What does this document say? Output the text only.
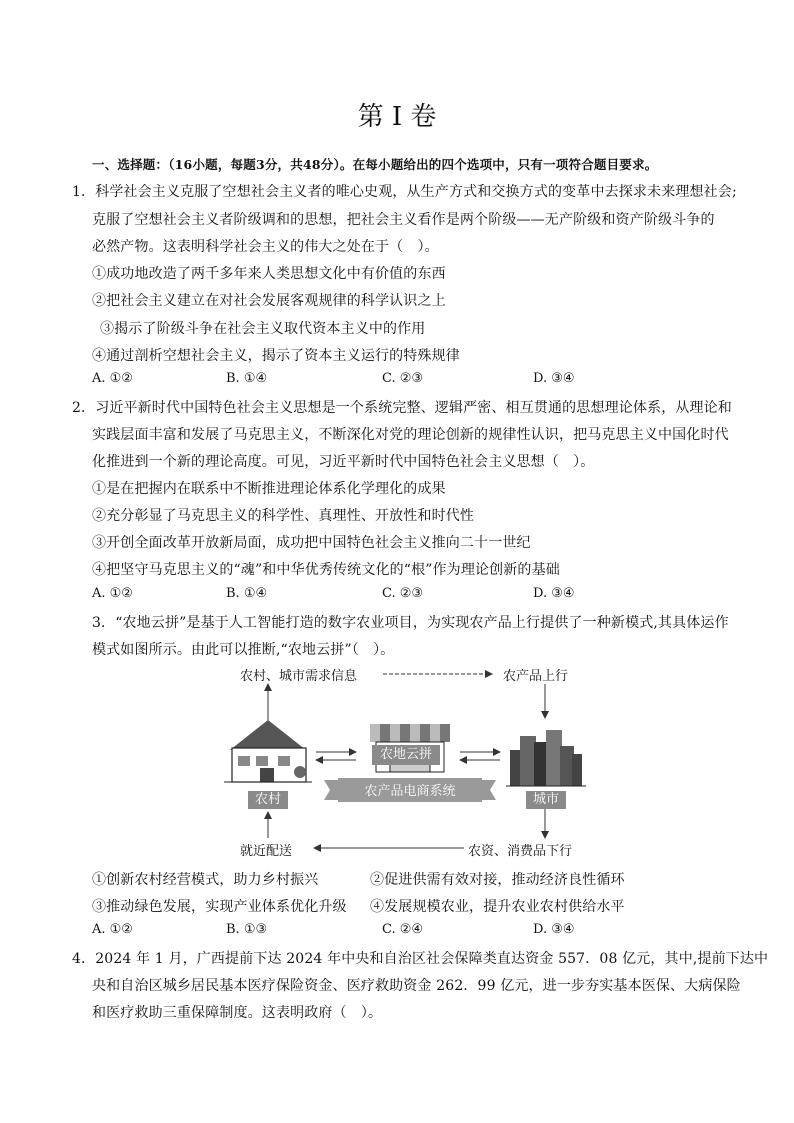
第 I 卷
一、选择题：（16小题，每题3分，共48分）。在每小题给出的四个选项中，只有一项符合题目要求。
1．科学社会主义克服了空想社会主义者的唯心史观，从生产方式和交换方式的变革中去探求未来理想社会;
克服了空想社会主义者阶级调和的思想，把社会主义看作是两个阶级——无产阶级和资产阶级斗争的
必然产物。这表明科学社会主义的伟大之处在于（　）。
①成功地改造了两千多年来人类思想文化中有价值的东西
②把社会主义建立在对社会发展客观规律的科学认识之上
③揭示了阶级斗争在社会主义取代资本主义中的作用
④通过剖析空想社会主义，揭示了资本主义运行的特殊规律
A. ①②	B. ①④	C. ②③	D. ③④
2．习近平新时代中国特色社会主义思想是一个系统完整、逻辑严密、相互贯通的思想理论体系，从理论和
实践层面丰富和发展了马克思主义，不断深化对党的理论创新的规律性认识，把马克思主义中国化时代
化推进到一个新的理论高度。可见，习近平新时代中国特色社会主义思想（　）。
①是在把握内在联系中不断推进理论体系化学理化的成果
②充分彰显了马克思主义的科学性、真理性、开放性和时代性
③开创全面改革开放新局面，成功把中国特色社会主义推向二十一世纪
④把坚守马克思主义的“魂”和中华优秀传统文化的“根”作为理论创新的基础
A. ①②	B. ①④	C. ②③	D. ③④
3．“农地云拼”是基于人工智能打造的数字农业项目，为实现农产品上行提供了一种新模式,其具体运作
模式如图所示。由此可以推断,“农地云拼”（　）。
农村、城市需求信息	农产品上行
农地云拼
农产品电商系统
农村	城市
就近配送	农资、消费品下行
①创新农村经营模式，助力乡村振兴	②促进供需有效对接，推动经济良性循环
③推动绿色发展，实现产业体系优化升级 ④发展规模农业，提升农业农村供给水平
A. ①②	B. ①③	C. ②④	D. ③④
4．2024 年 1 月，广西提前下达 2024 年中央和自治区社会保障类直达资金 557．08 亿元，其中,提前下达中
央和自治区城乡居民基本医疗保险资金、医疗救助资金 262．99 亿元，进一步夯实基本医保、大病保险
和医疗救助三重保障制度。这表明政府（　）。
